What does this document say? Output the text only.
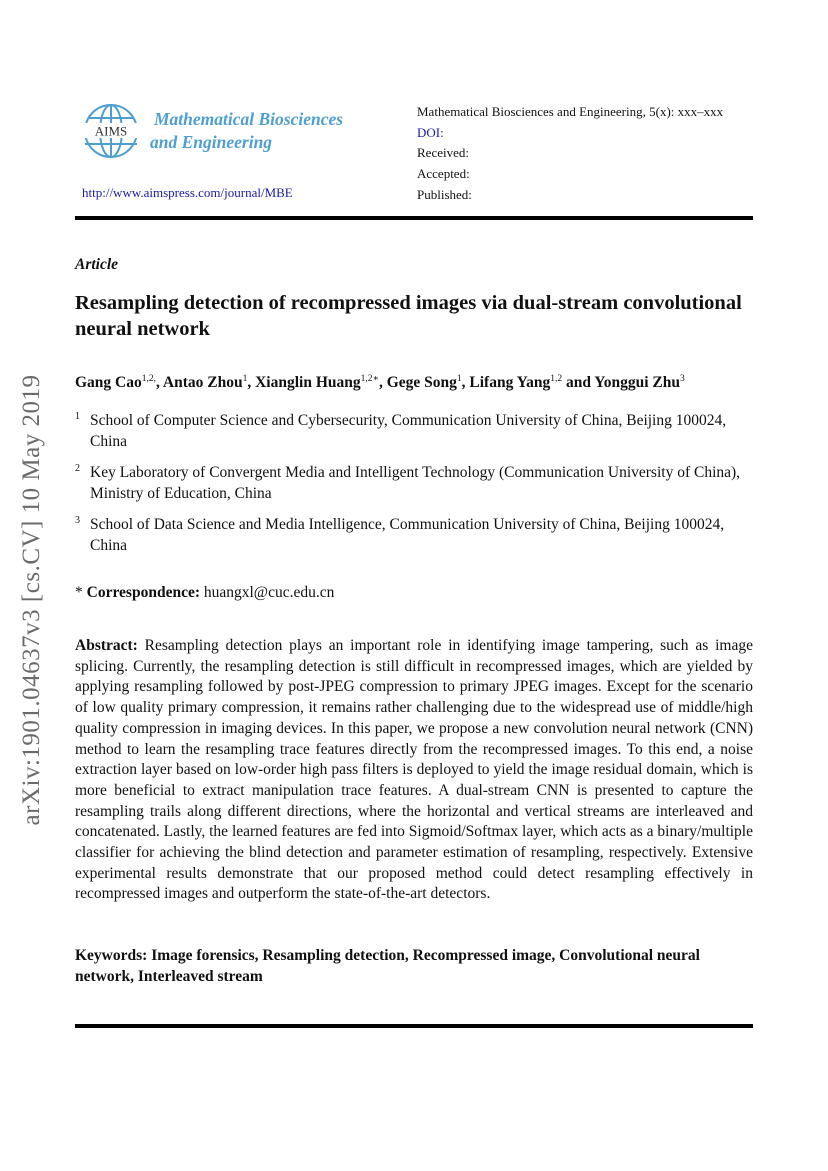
arXiv:1901.04637v3 [cs.CV] 10 May 2019
AIMS
Mathematical Biosciences
and Engineering
http://www.aimspress.com/journal/MBE
Mathematical Biosciences and Engineering, 5(x): xxx–xxx
DOI:
Received:
Accepted:
Published:
Article
Resampling detection of recompressed images via dual-stream convolutional neural network
Gang Cao$^{1,2,}$, Antao Zhou$^1$, Xianglin Huang$^{1,2∗}$, Gege Song$^1$, Lifang Yang$^{1,2}$ and Yonggui Zhu$^3$
1 School of Computer Science and Cybersecurity, Communication University of China, Beijing 100024, China
2 Key Laboratory of Convergent Media and Intelligent Technology (Communication University of China), Ministry of Education, China
3 School of Data Science and Media Intelligence, Communication University of China, Beijing 100024, China
* Correspondence: huangxl@cuc.edu.cn
Abstract: Resampling detection plays an important role in identifying image tampering, such as image splicing. Currently, the resampling detection is still difficult in recompressed images, which are yielded by applying resampling followed by post-JPEG compression to primary JPEG images. Except for the scenario of low quality primary compression, it remains rather challenging due to the widespread use of middle/high quality compression in imaging devices. In this paper, we propose a new convolution neural network (CNN) method to learn the resampling trace features directly from the recompressed images. To this end, a noise extraction layer based on low-order high pass filters is deployed to yield the image residual domain, which is more beneficial to extract manipulation trace features. A dual-stream CNN is presented to capture the resampling trails along different directions, where the horizontal and vertical streams are interleaved and concatenated. Lastly, the learned features are fed into Sigmoid/Softmax layer, which acts as a binary/multiple classifier for achieving the blind detection and parameter estimation of resampling, respectively. Extensive experimental results demonstrate that our proposed method could detect resampling effectively in recompressed images and outperform the state-of-the-art detectors.
Keywords: Image forensics, Resampling detection, Recompressed image, Convolutional neural network, Interleaved stream
